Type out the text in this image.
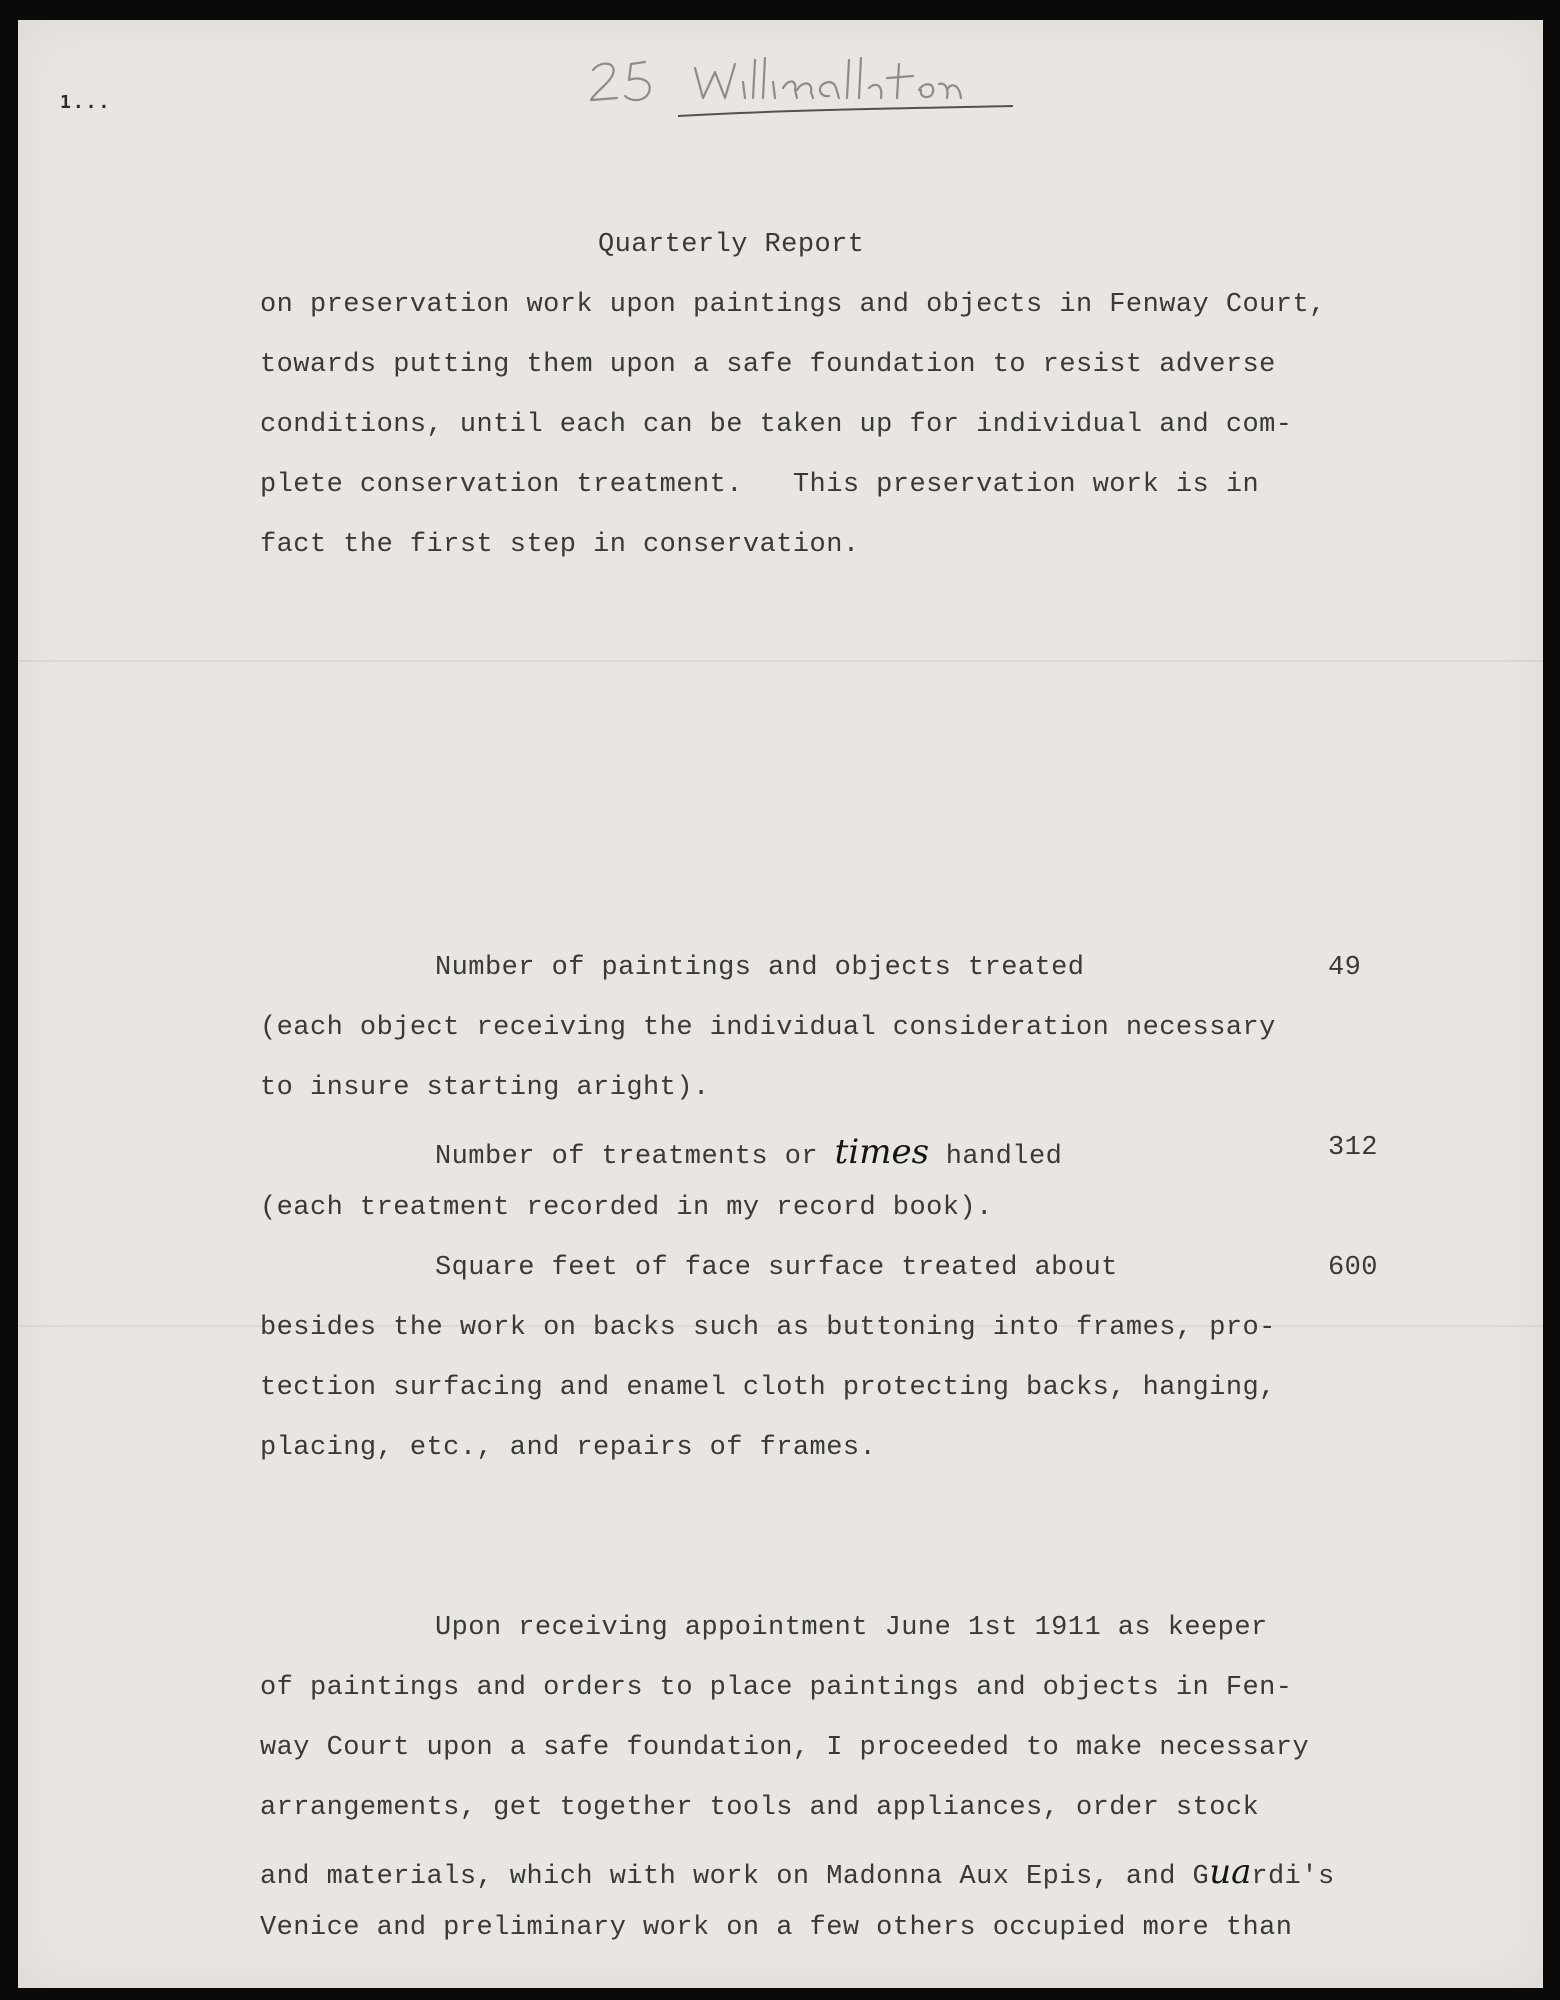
25
1...
Quarterly Report
on preservation work upon paintings and objects in Fenway Court,
towards putting them upon a safe foundation to resist adverse
conditions, until each can be taken up for individual and com-
plete conservation treatment.   This preservation work is in
fact the first step in conservation.
Number of paintings and objects treated	49
(each object receiving the individual consideration necessary
to insure starting aright).
Number of treatments or times handled	312
(each treatment recorded in my record book).
Square feet of face surface treated about	600
besides the work on backs such as buttoning into frames, pro-
tection surfacing and enamel cloth protecting backs, hanging,
placing, etc., and repairs of frames.
Upon receiving appointment June 1st 1911 as keeper
of paintings and orders to place paintings and objects in Fen-
way Court upon a safe foundation, I proceeded to make necessary
arrangements, get together tools and appliances, order stock
and materials, which with work on Madonna Aux Epis, and Guardi's
Venice and preliminary work on a few others occupied more than
